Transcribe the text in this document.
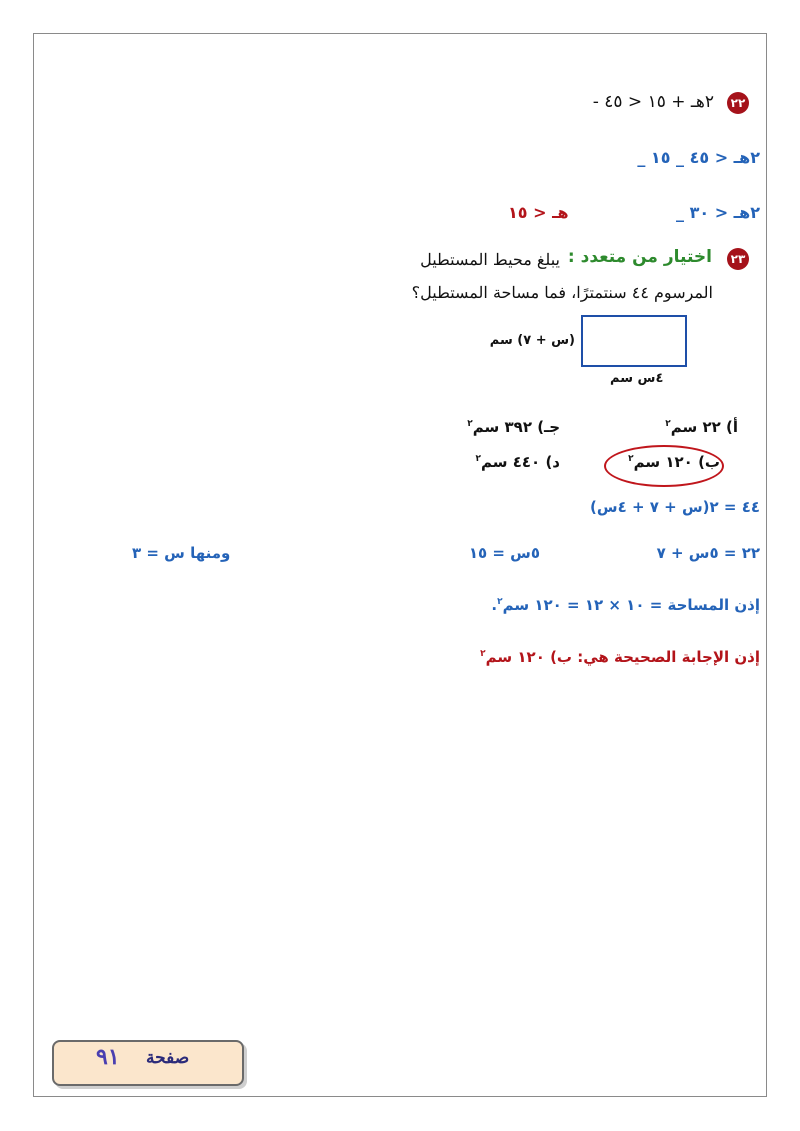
٢٢
- ٢هـ + ١٥ < ٤٥
_ ٢هـ < ٤٥ _ ١٥
_ ٢هـ < ٣٠
هـ < ١٥
٢٣
اختيار من متعدد :
يبلغ محيط المستطيل
المرسوم ٤٤ سنتمترًا، فما مساحة المستطيل؟
(س + ٧) سم
٤س سم
أ) ٢٢ سم$^٢$
جـ) ٣٩٢ سم$^٢$
ب) ١٢٠ سم$^٢$
د) ٤٤٠ سم$^٢$
٤٤ = ٢(س + ٧ + ٤س)
٢٢ = ٥س + ٧
٥س = ١٥
ومنها س = ٣
إذن المساحة = ١٠ × ١٢ = ١٢٠ سم$^٢$.
إذن الإجابة الصحيحة هي: ب) ١٢٠ سم$^٢$
صفحة
٩١
